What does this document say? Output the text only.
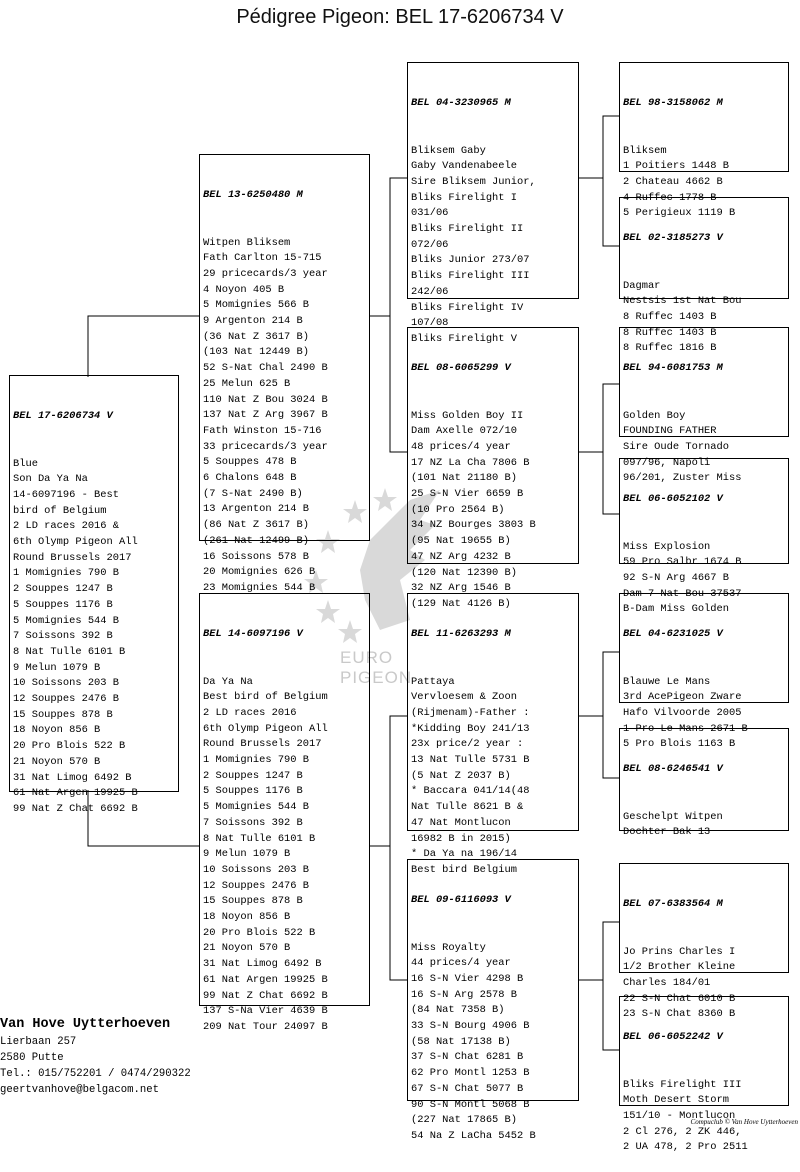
Pédigree Pigeon: BEL 17-6206734 V
EURO PIGEON

BEL 17-6206734 V

Blue
Son Da Ya Na
14-6097196 - Best
bird of Belgium
2 LD races 2016 &
6th Olymp Pigeon All
Round Brussels 2017
1 Momignies 790 B
2 Souppes 1247 B
5 Souppes 1176 B
5 Momignies 544 B
7 Soissons 392 B
8 Nat Tulle 6101 B
9 Melun 1079 B
10 Soissons 203 B
12 Souppes 2476 B
15 Souppes 878 B
18 Noyon 856 B
20 Pro Blois 522 B
21 Noyon 570 B
31 Nat Limog 6492 B
61 Nat Argen 19925 B
99 Nat Z Chat 6692 B

BEL 13-6250480 M

Witpen Bliksem
Fath Carlton 15-715
29 pricecards/3 year
4 Noyon 405 B
5 Momignies 566 B
9 Argenton 214 B
(36 Nat Z 3617 B)
(103 Nat 12449 B)
52 S-Nat Chal 2490 B
25 Melun 625 B
110 Nat Z Bou 3024 B
137 Nat Z Arg 3967 B
Fath Winston 15-716
33 pricecards/3 year
5 Souppes 478 B
6 Chalons 648 B
(7 S-Nat 2490 B)
13 Argenton 214 B
(86 Nat Z 3617 B)
(261 Nat 12499 B)
16 Soissons 578 B
20 Momignies 626 B
23 Momignies 544 B

BEL 14-6097196 V

Da Ya Na
Best bird of Belgium
2 LD races 2016
6th Olymp Pigeon All
Round Brussels 2017
1 Momignies 790 B
2 Souppes 1247 B
5 Souppes 1176 B
5 Momignies 544 B
7 Soissons 392 B
8 Nat Tulle 6101 B
9 Melun 1079 B
10 Soissons 203 B
12 Souppes 2476 B
15 Souppes 878 B
18 Noyon 856 B
20 Pro Blois 522 B
21 Noyon 570 B
31 Nat Limog 6492 B
61 Nat Argen 19925 B
99 Nat Z Chat 6692 B
137 S-Na Vier 4639 B
209 Nat Tour 24097 B

BEL 04-3230965 M

Bliksem Gaby
Gaby Vandenabeele
Sire Bliksem Junior,
Bliks Firelight I
031/06
Bliks Firelight II
072/06
Bliks Junior 273/07
Bliks Firelight III
242/06
Bliks Firelight IV
107/08
Bliks Firelight V

BEL 08-6065299 V

Miss Golden Boy II
Dam Axelle 072/10
48 prices/4 year
17 NZ La Cha 7806 B
(101 Nat 21180 B)
25 S-N Vier 6659 B
(10 Pro 2564 B)
34 NZ Bourges 3803 B
(95 Nat 19655 B)
47 NZ Arg 4232 B
(120 Nat 12390 B)
32 NZ Arg 1546 B
(129 Nat 4126 B)

BEL 11-6263293 M

Pattaya
Vervloesem & Zoon
(Rijmenam)-Father :
*Kidding Boy 241/13
23x price/2 year :
13 Nat Tulle 5731 B
(5 Nat Z 2037 B)
* Baccara 041/14(48
Nat Tulle 8621 B &
47 Nat Montlucon
16982 B in 2015)
* Da Ya na 196/14
Best bird Belgium

BEL 09-6116093 V

Miss Royalty
44 prices/4 year
16 S-N Vier 4298 B
16 S-N Arg 2578 B
(84 Nat 7358 B)
33 S-N Bourg 4906 B
(58 Nat 17138 B)
37 S-N Chat 6281 B
62 Pro Montl 1253 B
67 S-N Chat 5077 B
90 S-N Montl 5068 B
(227 Nat 17865 B)
54 Na Z LaCha 5452 B

BEL 98-3158062 M

Bliksem
1 Poitiers 1448 B
2 Chateau 4662 B
4 Ruffec 1778 B
5 Perigieux 1119 B

BEL 02-3185273 V

Dagmar
Nestsis 1st Nat Bou
8 Ruffec 1403 B
8 Ruffec 1403 B
8 Ruffec 1816 B

BEL 94-6081753 M

Golden Boy
FOUNDING FATHER
Sire Oude Tornado
097/96, Napoli
96/201, Zuster Miss

BEL 06-6052102 V

Miss Explosion
59 Pro Salbr 1674 B
92 S-N Arg 4667 B
Dam 7 Nat Bou 37537
B-Dam Miss Golden

BEL 04-6231025 V

Blauwe Le Mans
3rd AcePigeon Zware
Hafo Vilvoorde 2005
1 Pro Le Mans 2671 B
5 Pro Blois 1163 B

BEL 08-6246541 V

Geschelpt Witpen
Dochter Bak 13

BEL 07-6383564 M

Jo Prins Charles I
1/2 Brother Kleine
Charles 184/01
22 S-N Chat 6010 B
23 S-N Chat 8360 B

BEL 06-6052242 V

Bliks Firelight III
Moth Desert Storm
151/10 - Montlucon
2 Cl 276, 2 ZK 446,
2 UA 478, 2 Pro 2511

Van Hove Uytterhoeven
Lierbaan 257
2580 Putte
Tel.: 015/752201 / 0474/290322
geertvanhove@belgacom.net
Compuclub © Van Hove Uytterhoeven
